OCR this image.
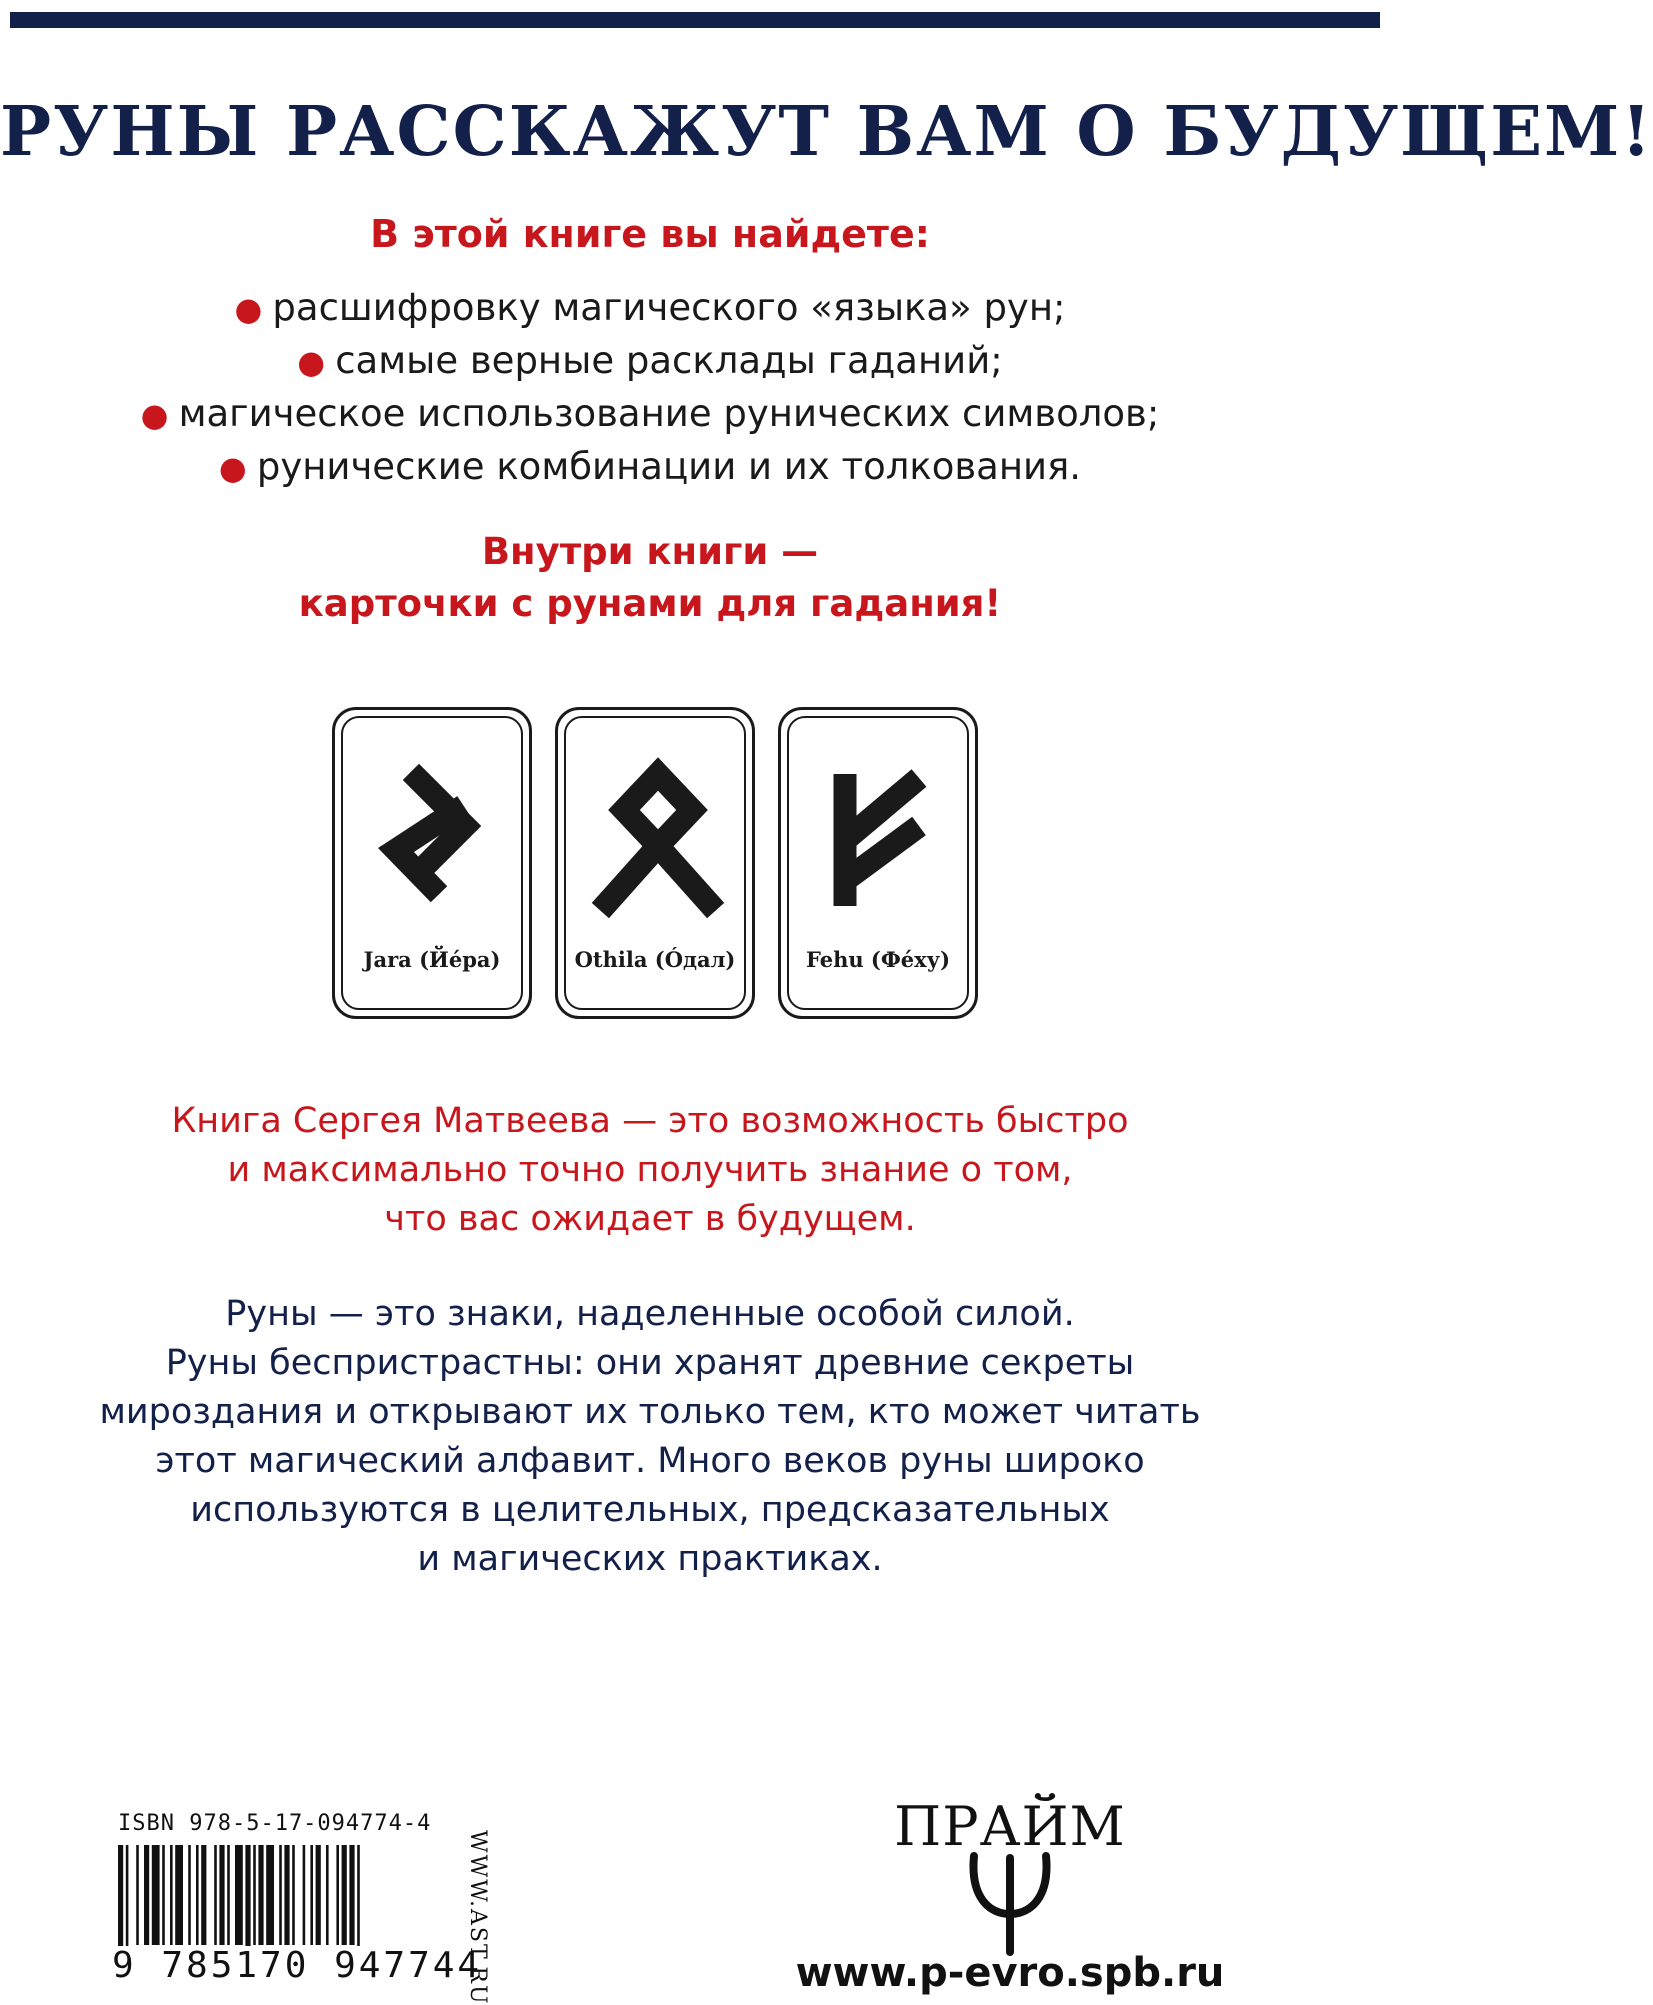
РУНЫ РАССКАЖУТ ВАМ О БУДУЩЕМ!
В этой книге вы найдете:
● расшифровку магического «языка» рун;
● самые верные расклады гаданий;
● магическое использование рунических символов;
● рунические комбинации и их толкования.
Внутри книги —
карточки с рунами для гадания!
Jara (Йéра)	Othila (Óдал)	Fehu (Фéху)
Книга Сергея Матвеева — это возможность быстро
и максимально точно получить знание о том,
что вас ожидает в будущем.
Руны — это знаки, наделенные особой силой.
Руны беспристрастны: они хранят древние секреты
мироздания и открывают их только тем, кто может читать
этот магический алфавит. Много веков руны широко
используются в целительных, предсказательных
и магических практиках.
ISBN 978-5-17-094774-4
9 785170 947744
WWW.AST.RU
ПРАЙМ
www.p-evro.spb.ru
